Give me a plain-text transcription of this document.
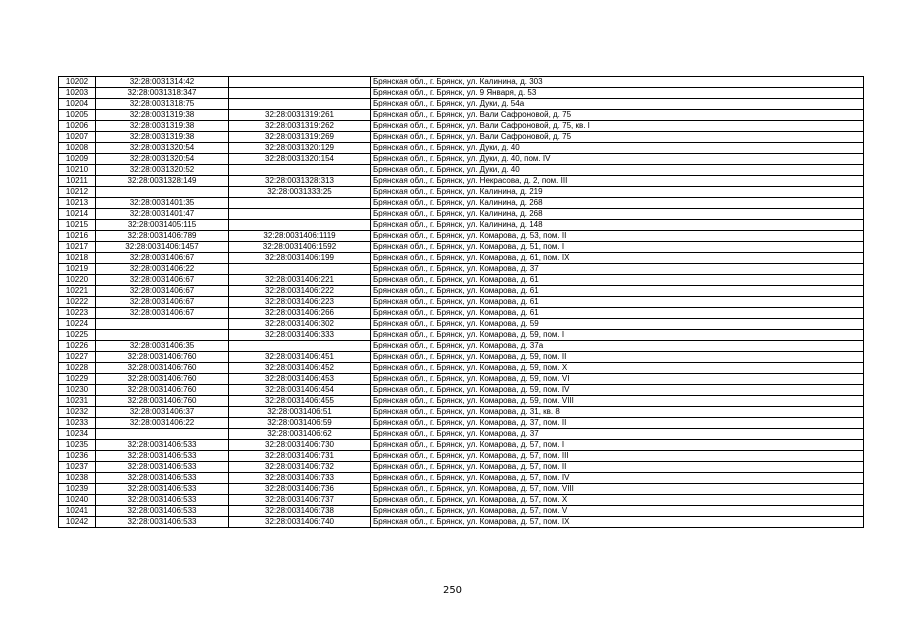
10202	32:28:0031314:42		Брянская обл., г. Брянск, ул. Калинина, д. 303
10203	32:28:0031318:347		Брянская обл., г. Брянск, ул. 9 Января, д. 53
10204	32:28:0031318:75		Брянская обл., г. Брянск, ул. Дуки, д. 54а
10205	32:28:0031319:38	32:28:0031319:261	Брянская обл., г. Брянск, ул. Вали Сафроновой, д. 75
10206	32:28:0031319:38	32:28:0031319:262	Брянская обл., г. Брянск, ул. Вали Сафроновой, д. 75, кв. I
10207	32:28:0031319:38	32:28:0031319:269	Брянская обл., г. Брянск, ул. Вали Сафроновой, д. 75
10208	32:28:0031320:54	32:28:0031320:129	Брянская обл., г. Брянск, ул. Дуки, д. 40
10209	32:28:0031320:54	32:28:0031320:154	Брянская обл., г. Брянск, ул. Дуки, д. 40, пом. IV
10210	32:28:0031320:52		Брянская обл., г. Брянск, ул. Дуки, д. 40
10211	32:28:0031328:149	32:28:0031328:313	Брянская обл., г. Брянск, ул. Некрасова, д. 2, пом. III
10212		32:28:0031333:25	Брянская обл., г. Брянск, ул. Калинина, д. 219
10213	32:28:0031401:35		Брянская обл., г. Брянск, ул. Калинина, д. 268
10214	32:28:0031401:47		Брянская обл., г. Брянск, ул. Калинина, д. 268
10215	32:28:0031405:115		Брянская обл., г. Брянск, ул. Калинина, д. 148
10216	32:28:0031406:789	32:28:0031406:1119	Брянская обл., г. Брянск, ул. Комарова, д. 53, пом. II
10217	32:28:0031406:1457	32:28:0031406:1592	Брянская обл., г. Брянск, ул. Комарова, д. 51, пом. I
10218	32:28:0031406:67	32:28:0031406:199	Брянская обл., г. Брянск, ул. Комарова, д. 61, пом. IX
10219	32:28:0031406:22		Брянская обл., г. Брянск, ул. Комарова, д. 37
10220	32:28:0031406:67	32:28:0031406:221	Брянская обл., г. Брянск, ул. Комарова, д. 61
10221	32:28:0031406:67	32:28:0031406:222	Брянская обл., г. Брянск, ул. Комарова, д. 61
10222	32:28:0031406:67	32:28:0031406:223	Брянская обл., г. Брянск, ул. Комарова, д. 61
10223	32:28:0031406:67	32:28:0031406:266	Брянская обл., г. Брянск, ул. Комарова, д. 61
10224		32:28:0031406:302	Брянская обл., г. Брянск, ул. Комарова, д. 59
10225		32:28:0031406:333	Брянская обл., г. Брянск, ул. Комарова, д. 59, пом. I
10226	32:28:0031406:35		Брянская обл., г. Брянск, ул. Комарова, д. 37а
10227	32:28:0031406:760	32:28:0031406:451	Брянская обл., г. Брянск, ул. Комарова, д. 59, пом. II
10228	32:28:0031406:760	32:28:0031406:452	Брянская обл., г. Брянск, ул. Комарова, д. 59, пом. X
10229	32:28:0031406:760	32:28:0031406:453	Брянская обл., г. Брянск, ул. Комарова, д. 59, пом. VI
10230	32:28:0031406:760	32:28:0031406:454	Брянская обл., г. Брянск, ул. Комарова, д. 59, пом. IV
10231	32:28:0031406:760	32:28:0031406:455	Брянская обл., г. Брянск, ул. Комарова, д. 59, пом. VIII
10232	32:28:0031406:37	32:28:0031406:51	Брянская обл., г. Брянск, ул. Комарова, д. 31, кв. 8
10233	32:28:0031406:22	32:28:0031406:59	Брянская обл., г. Брянск, ул. Комарова, д. 37, пом. II
10234		32:28:0031406:62	Брянская обл., г. Брянск, ул. Комарова, д. 37
10235	32:28:0031406:533	32:28:0031406:730	Брянская обл., г. Брянск, ул. Комарова, д. 57, пом. I
10236	32:28:0031406:533	32:28:0031406:731	Брянская обл., г. Брянск, ул. Комарова, д. 57, пом. III
10237	32:28:0031406:533	32:28:0031406:732	Брянская обл., г. Брянск, ул. Комарова, д. 57, пом. II
10238	32:28:0031406:533	32:28:0031406:733	Брянская обл., г. Брянск, ул. Комарова, д. 57, пом. IV
10239	32:28:0031406:533	32:28:0031406:736	Брянская обл., г. Брянск, ул. Комарова, д. 57, пом. VIII
10240	32:28:0031406:533	32:28:0031406:737	Брянская обл., г. Брянск, ул. Комарова, д. 57, пом. X
10241	32:28:0031406:533	32:28:0031406:738	Брянская обл., г. Брянск, ул. Комарова, д. 57, пом. V
10242	32:28:0031406:533	32:28:0031406:740	Брянская обл., г. Брянск, ул. Комарова, д. 57, пом. IX
250
